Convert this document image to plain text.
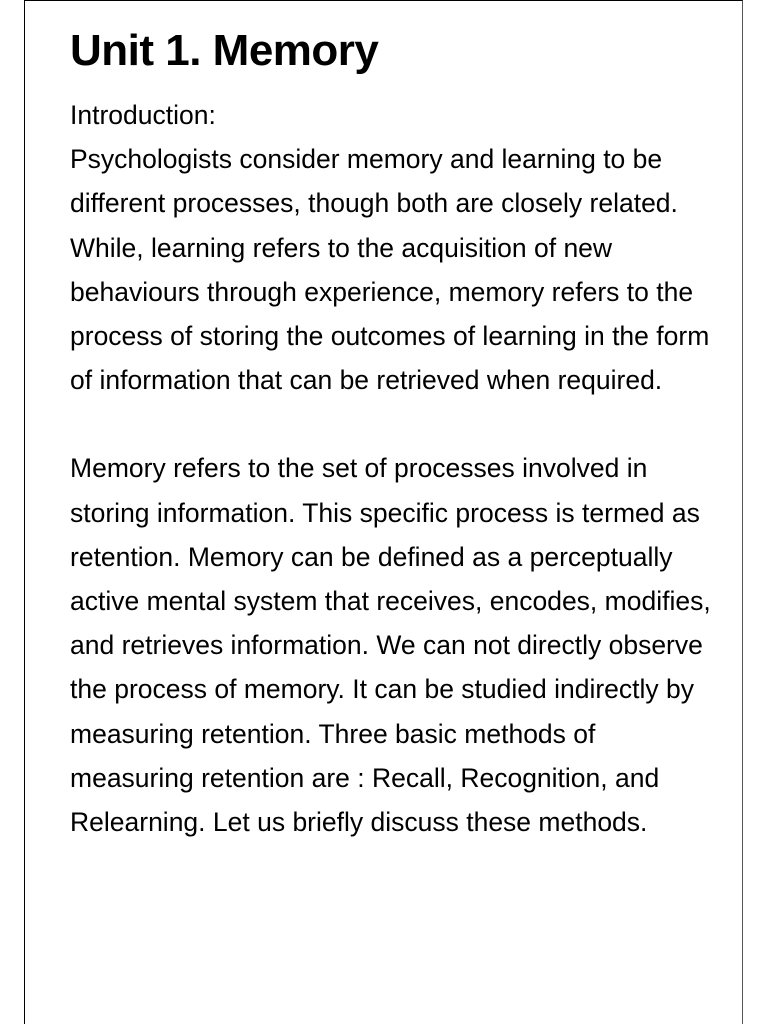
Unit 1. Memory

Introduction:
Psychologists consider memory and learning to be different processes, though both are closely related. While, learning refers to the acquisition of new behaviours through experience, memory refers to the process of storing the outcomes of learning in the form of information that can be retrieved when required.

Memory refers to the set of processes involved in storing information. This specific process is termed as retention. Memory can be defined as a perceptually active mental system that receives, encodes, modifies, and retrieves information. We can not directly observe the process of memory. It can be studied indirectly by measuring retention. Three basic methods of measuring retention are : Recall, Recognition, and Relearning. Let us briefly discuss these methods.
